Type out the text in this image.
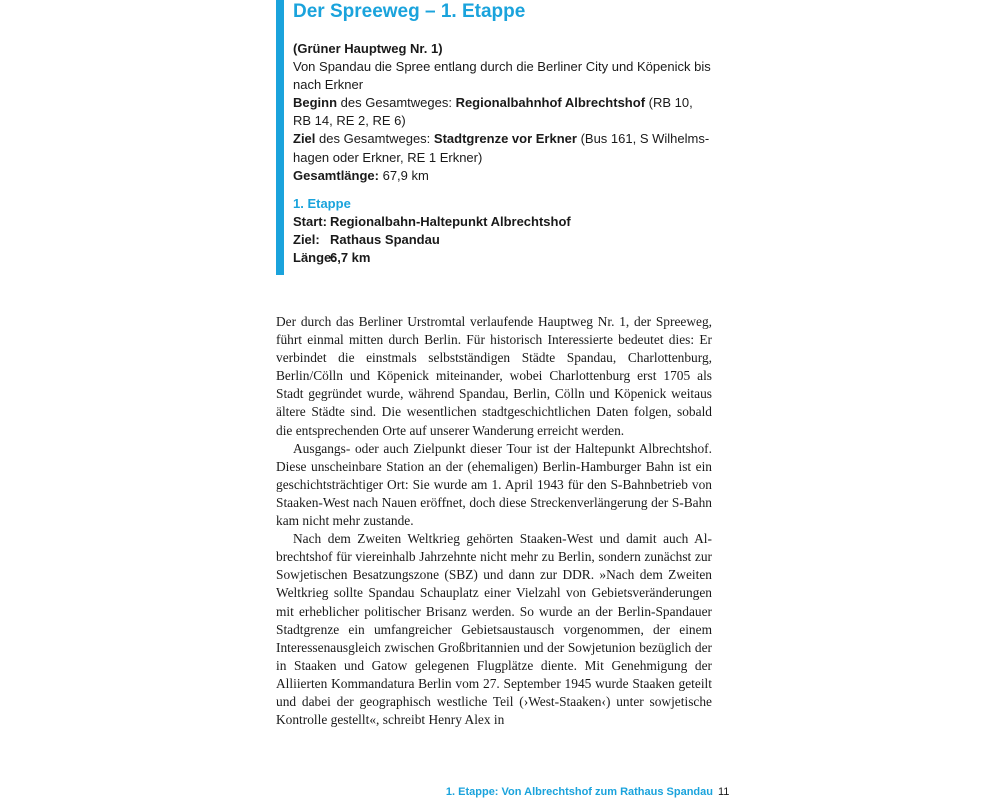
Der Spreeweg – 1. Etappe

(Grüner Hauptweg Nr. 1)

Von Spandau die Spree entlang durch die Berliner City und Köpenick bis nach Erkner

Beginn des Gesamtweges: Regionalbahnhof Albrechtshof (RB 10, RB 14, RE 2, RE 6)

Ziel des Gesamtweges: Stadtgrenze vor Erkner (Bus 161, S Wilhelmshagen oder Erkner, RE 1 Erkner)

Gesamtlänge: 67,9 km

1. Etappe

Start: Regionalbahn-Haltepunkt Albrechtshof
Ziel: Rathaus Spandau
Länge:
6,7 km

Der durch das Berliner Urstromtal verlaufende Hauptweg Nr. 1, der Spreeweg, führt einmal mitten durch Berlin. Für historisch Interessierte bedeutet dies: Er verbindet die einstmals selbstständigen Städte Spandau, Charlottenburg, Berlin/Cölln und Köpenick miteinander, wobei Charlottenburg erst 1705 als Stadt gegründet wurde, während Spandau, Berlin, Cölln und Köpenick weitaus ältere Städte sind. Die wesentlichen stadtgeschichtlichen Daten folgen, sobald die entsprechenden Orte auf unserer Wanderung erreicht werden.

Ausgangs- oder auch Zielpunkt dieser Tour ist der Haltepunkt Albrechtshof. Diese unscheinbare Station an der (ehemaligen) Berlin-Hamburger Bahn ist ein geschichtsträchtiger Ort: Sie wurde am 1. April 1943 für den S-Bahnbetrieb von Staaken-West nach Nauen eröffnet, doch diese Streckenverlängerung der S-Bahn kam nicht mehr zustande.

Nach dem Zweiten Weltkrieg gehörten Staaken-West und damit auch Albrechtshof für viereinhalb Jahrzehnte nicht mehr zu Berlin, sondern zunächst zur Sowjetischen Besatzungszone (SBZ) und dann zur DDR. »Nach dem Zweiten Weltkrieg sollte Spandau Schauplatz einer Vielzahl von Gebietsveränderungen mit erheblicher politischer Brisanz werden. So wurde an der Berlin-Spandauer Stadtgrenze ein umfangreicher Gebietsaustausch vorgenommen, der einem Interessenausgleich zwischen Großbritannien und der Sowjetunion bezüglich der in Staaken und Gatow gelegenen Flugplätze diente. Mit Genehmigung der Alliierten Kommandatura Berlin vom 27. September 1945 wurde Staaken geteilt und dabei der geographisch westliche Teil (›West-Staaken‹) unter sowjetische Kontrolle gestellt«, schreibt Henry Alex in

1. Etappe: Von Albrechtshof zum Rathaus Spandau 11
